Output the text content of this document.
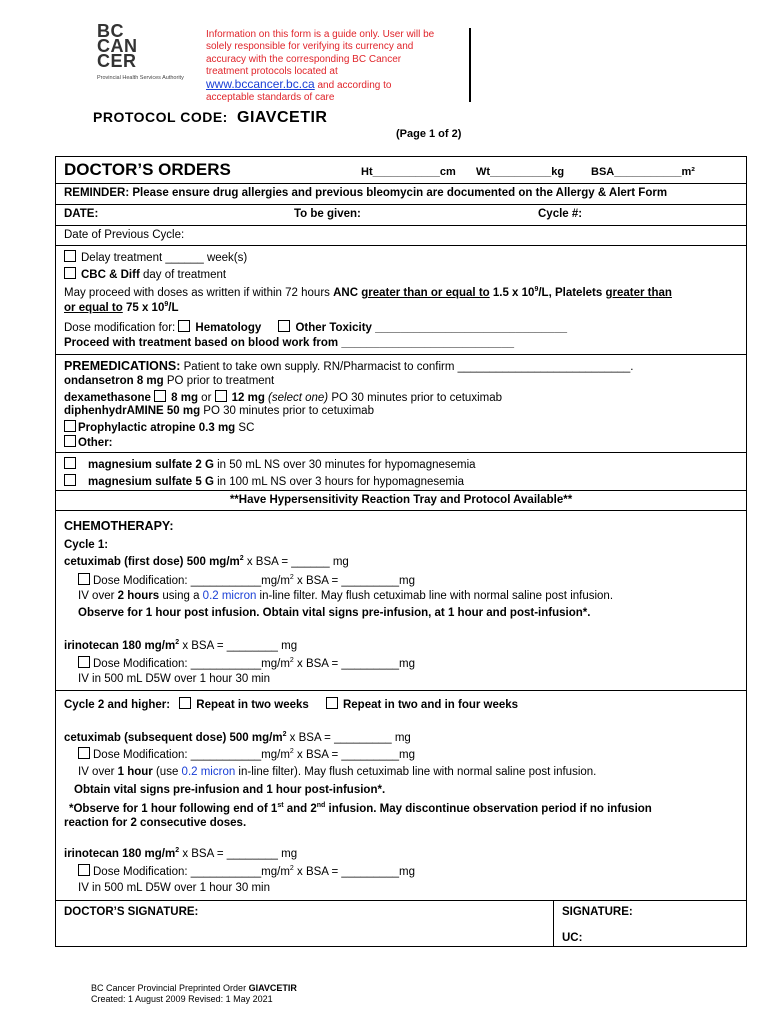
BC
CAN
CER
Provincial Health Services Authority
Information on this form is a guide only. User will be
solely responsible for verifying its currency and
accuracy with the corresponding BC Cancer
treatment protocols located at
www.bccancer.bc.ca and according to
acceptable standards of care
PROTOCOL CODE: GIAVCETIR
(Page 1 of 2)
DOCTOR’S ORDERS	Ht___________cm Wt__________kg BSA___________m²
REMINDER: Please ensure drug allergies and previous bleomycin are documented on the Allergy & Alert Form
DATE:	To be given:	Cycle #:
Date of Previous Cycle:
Delay treatment ______ week(s)
CBC & Diff day of treatment
May proceed with doses as written if within 72 hours ANC greater than or equal to 1.5 x $10^9/L$, Platelets greater than
or equal to 75 x $10^9/L$
Dose modification for: Hematology	Other Toxicity ______________________________
Proceed with treatment based on blood work from ___________________________
PREMEDICATIONS: Patient to take own supply. RN/Pharmacist to confirm ___________________________.
ondansetron 8 mg PO prior to treatment
dexamethasone 8 mg or 12 mg (select one) PO 30 minutes prior to cetuximab
diphenhydrAMINE 50 mg PO 30 minutes prior to cetuximab
Prophylactic atropine 0.3 mg SC
Other:
magnesium sulfate 2 G in 50 mL NS over 30 minutes for hypomagnesemia
magnesium sulfate 5 G in 100 mL NS over 3 hours for hypomagnesemia
**Have Hypersensitivity Reaction Tray and Protocol Available**
CHEMOTHERAPY:
Cycle 1:
cetuximab (first dose) 500 $mg/m^2$ x BSA = ______ mg
Dose Modification: $\_\_\_\_\_\_\_\_\_\_\_mg/m^2$ x BSA = _________mg
IV over 2 hours using a 0.2 micron in-line filter. May flush cetuximab line with normal saline post infusion.
Observe for 1 hour post infusion. Obtain vital signs pre-infusion, at 1 hour and post-infusion*.
irinotecan 180 $mg/m^2$ x BSA = ________ mg
Dose Modification: $\_\_\_\_\_\_\_\_\_\_\_mg/m^2$ x BSA = _________mg
IV in 500 mL D5W over 1 hour 30 min
Cycle 2 and higher: Repeat in two weeks	Repeat in two and in four weeks
cetuximab (subsequent dose) 500 $mg/m^2$ x BSA = _________ mg
Dose Modification: $\_\_\_\_\_\_\_\_\_\_\_mg/m^2$ x BSA = _________mg
IV over 1 hour (use 0.2 micron in-line filter). May flush cetuximab line with normal saline post infusion.
Obtain vital signs pre-infusion and 1 hour post-infusion*.
*Observe for 1 hour following end of 1st and 2nd infusion. May discontinue observation period if no infusion
reaction for 2 consecutive doses.
irinotecan 180 $mg/m^2$ x BSA = ________ mg
Dose Modification: $\_\_\_\_\_\_\_\_\_\_\_mg/m^2$ x BSA = _________mg
IV in 500 mL D5W over 1 hour 30 min
DOCTOR’S SIGNATURE:	SIGNATURE:
UC:
BC Cancer Provincial Preprinted Order GIAVCETIR
Created: 1 August 2009 Revised: 1 May 2021
